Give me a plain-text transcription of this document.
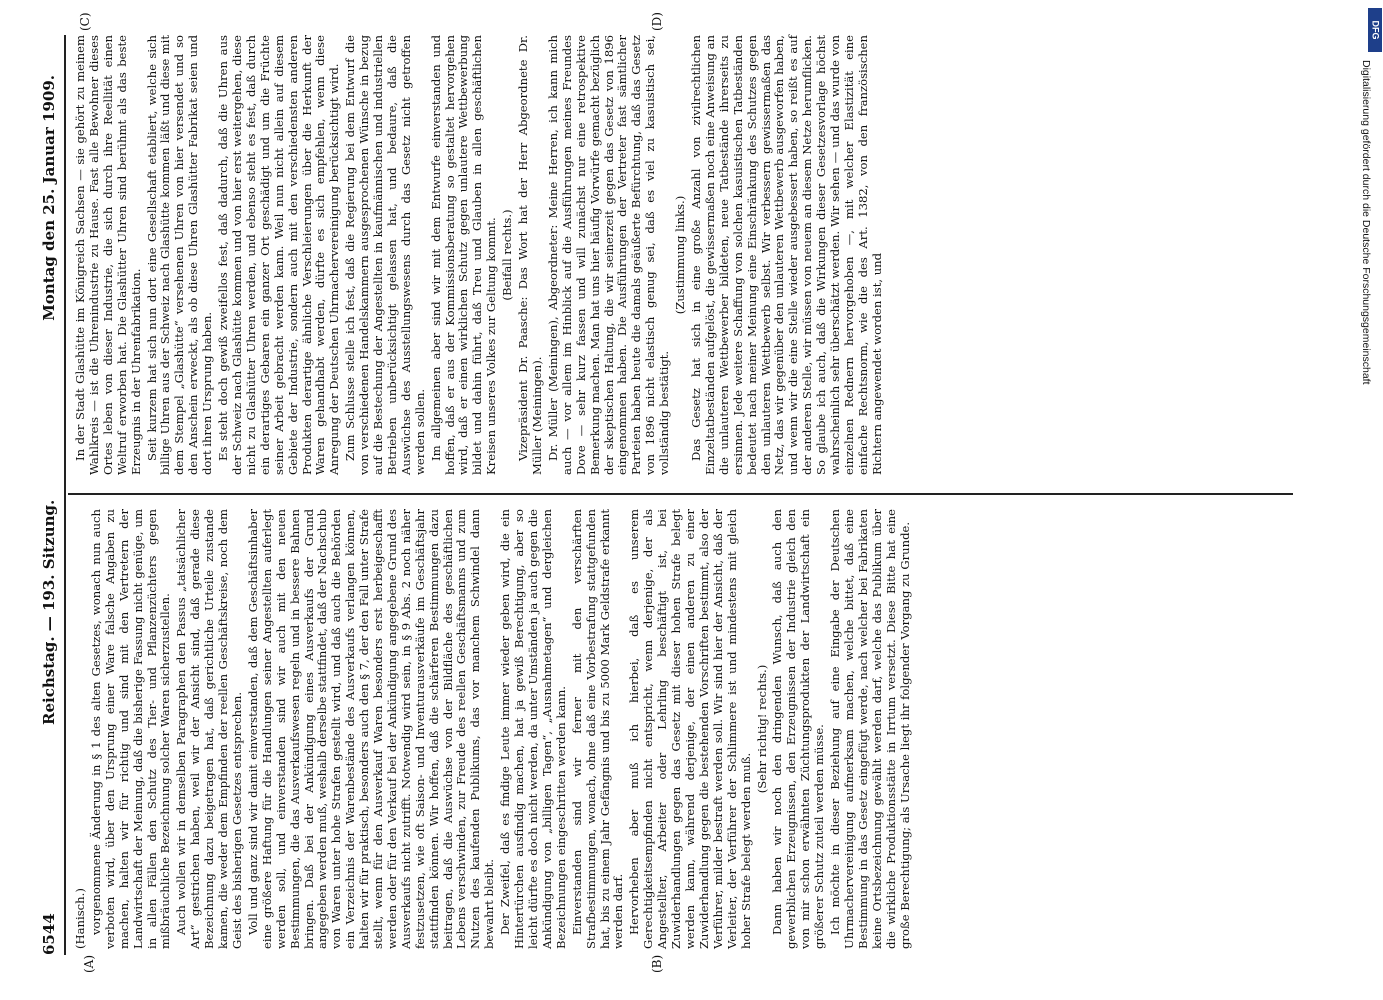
6544
Reichstag. — 193. Sitzung.
Montag den 25. Januar 1909.
(A)	(B)
(C)	(D)

(Hanisch.) vorgenommene Änderung in § 1 des alten Gesetzes, wonach nun auch verboten wird, über den Ursprung einer Ware falsche Angaben zu machen, halten wir für richtig und sind mit den Vertretern der Landwirtschaft der Meinung, daß die bisherige Fassung nicht genüge, um in allen Fällen den Schutz des Tier- und Pflanzenzüchters gegen mißbräuchliche Bezeichnung solcher Waren sicherzustellen. Auch wollen wir in demselben Paragraphen den Passus „tatsächlicher Art“ gestrichen haben, weil wir der Ansicht sind, daß gerade diese Bezeichnung dazu beigetragen hat, daß gerichtliche Urteile zustande kamen, die weder dem Empfinden der reellen Geschäftskreise, noch dem Geist des bisherigen Gesetzes entsprechen. Voll und ganz sind wir damit einverstanden, daß dem Geschäftsinhaber eine größere Haftung für die Handlungen seiner Angestellten auferlegt werden soll, und einverstanden sind wir auch mit den neuen Bestimmungen, die das Ausverkaufswesen regeln und in bessere Bahnen bringen. Daß bei der Ankündigung eines Ausverkaufs der Grund angegeben werden muß, weshalb derselbe stattfindet, daß der Nachschub von Waren unter hohe Strafen gestellt wird, und daß auch die Behörden ein Verzeichnis der Warenbestände des Ausverkaufs verlangen können, halten wir für praktisch, besonders auch den § 7, der den Fall unter Strafe stellt, wenn für den Ausverkauf Waren besonders erst herbeigeschafft werden oder für den Verkauf bei der Ankündigung angegebene Grund des Ausverkaufs nicht zutrifft. Notwendig wird sein, in § 9 Abs. 2 noch näher festzusetzen, wie oft Saison- und Inventurausverkäufe im Geschäftsjahr stattfinden können. Wir hoffen, daß die schärferen Bestimmungen dazu beitragen, daß die Auswüchse von der Bildfläche des geschäftlichen Lebens verschwinden, zur Freude des reellen Geschäftsmanns und zum Nutzen des kaufenden Publikums, das vor manchem Schwindel dann bewahrt bleibt. Der Zweifel, daß es findige Leute immer wieder geben wird, die ein Hintertürchen ausfindig machen, hat ja gewiß Berechtigung, aber so leicht dürfte es doch nicht werden, da unter Umständen ja auch gegen die Ankündigung von „billigen Tagen“, „Ausnahmetagen“ und dergleichen Bezeichnungen eingeschritten werden kann. Einverstanden sind wir ferner mit den verschärften Strafbestimmungen, wonach, ohne daß eine Vorbestrafung stattgefunden hat, bis zu einem Jahr Gefängnis und bis zu 5000 Mark Geldstrafe erkannt werden darf. Hervorheben aber muß ich hierbei, daß es unserem Gerechtigkeitsempfinden nicht entspricht, wenn derjenige, der als Angestellter, Arbeiter oder Lehrling beschäftigt ist, bei Zuwiderhandlungen gegen das Gesetz mit dieser hohen Strafe belegt werden kann, während derjenige, der einen anderen zu einer Zuwiderhandlung gegen die bestehenden Vorschriften bestimmt, also der Verführer, milder bestraft werden soll. Wir sind hier der Ansicht, daß der Verleiter, der Verführer der Schlimmere ist und mindestens mit gleich hoher Strafe belegt werden muß.

(Sehr richtig! rechts.) Dann haben wir noch den dringenden Wunsch, daß auch den gewerblichen Erzeugnissen, den Erzeugnissen der Industrie gleich den von mir schon erwähnten Züchtungsprodukten der Landwirtschaft ein größerer Schutz zuteil werden müsse. Ich möchte in dieser Beziehung auf eine Eingabe der Deutschen Uhrmachervereinigung aufmerksam machen, welche bittet, daß eine Bestimmung in das Gesetz eingefügt werde, nach welcher bei Fabrikaten keine Ortsbezeichnung gewählt werden darf, welche das Publikum über die wirkliche Produktionsstätte in Irrtum versetzt. Diese Bitte hat eine große Berechtigung; als Ursache liegt ihr folgender Vorgang zu Grunde.

In der Stadt Glashütte im Königreich Sachsen — sie gehört zu meinem Wahlkreis — ist die Uhrenindustrie zu Hause. Fast alle Bewohner dieses Ortes leben von dieser Industrie, die sich durch ihre Reellität einen Weltruf erworben hat. Die Glashütter Uhren sind berühmt als das beste Erzeugnis in der Uhrenfabrikation. Seit kurzem hat sich nun dort eine Gesellschaft etabliert, welche sich billige Uhren aus der Schweiz nach Glashütte kommen läßt und diese mit dem Stempel „Glashütte“ versehenen Uhren von hier versendet und so den Anschein erweckt, als ob diese Uhren Glashütter Fabrikat seien und dort ihren Ursprung haben. Es steht doch gewiß zweifellos fest, daß dadurch, daß die Uhren aus der Schweiz nach Glashütte kommen und von hier erst weitergehen, diese nicht zu Glashütter Uhren werden, und ebenso steht es fest, daß durch ein derartiges Gebaren ein ganzer Ort geschädigt und um die Früchte seiner Arbeit gebracht werden kann. Weil nun nicht allein auf diesem Gebiete der Industrie, sondern auch mit den verschiedensten anderen Produkten derartige ähnliche Verschleierungen über die Herkunft der Waren gehandhabt werden, dürfte es sich empfehlen, wenn diese Anregung der Deutschen Uhrmachervereinigung berücksichtigt wird. Zum Schlusse stelle ich fest, daß die Regierung bei dem Entwurf die von verschiedenen Handelskammern ausgesprochenen Wünsche in bezug auf die Bestechung der Angestellten in kaufmännischen und industriellen Betrieben unberücksichtigt gelassen hat, und bedaure, daß die Auswüchse des Ausstellungswesens durch das Gesetz nicht getroffen werden sollen. Im allgemeinen aber sind wir mit dem Entwurfe einverstanden und hoffen, daß er aus der Kommissionsberatung so gestaltet hervorgehen wird, daß er einen wirklichen Schutz gegen unlautere Wettbewerbung bildet und dahin führt, daß Treu und Glauben in allen geschäftlichen Kreisen unseres Volkes zur Geltung kommt. (Beifall rechts.) Vizepräsident Dr. Paasche: Das Wort hat der Herr Abgeordnete Dr. Müller (Meiningen). Dr. Müller (Meiningen), Abgeordneter: Meine Herren, ich kann mich auch — vor allem im Hinblick auf die Ausführungen meines Freundes Dove — sehr kurz fassen und will zunächst nur eine retrospektive Bemerkung machen. Man hat uns hier häufig Vorwürfe gemacht bezüglich der skeptischen Haltung, die wir seinerzeit gegen das Gesetz von 1896 eingenommen haben. Die Ausführungen der Vertreter fast sämtlicher Parteien haben heute die damals geäußerte Befürchtung, daß das Gesetz von 1896 nicht elastisch genug sei, daß es viel zu kasuistisch sei, vollständig bestätigt.

(Zustimmung links.) Das Gesetz hat sich in eine große Anzahl von zivilrechtlichen Einzeltatbeständen aufgelöst, die gewissermaßen noch eine Anweisung an die unlauteren Wettbewerber bildeten, neue Tatbestände ihrerseits zu ersinnen. Jede weitere Schaffung von solchen kasuistischen Tatbeständen bedeutet nach meiner Meinung eine Einschränkung des Schutzes gegen den unlauteren Wettbewerb selbst. Wir verbessern gewissermaßen das Netz, das wir gegenüber den unlauteren Wettbewerb ausgeworfen haben, und wenn wir die eine Stelle wieder ausgebessert haben, so reißt es auf der anderen Stelle, wir müssen von neuem an diesem Netze herumflicken. So glaube ich auch, daß die Wirkungen dieser Gesetzesvorlage höchst wahrscheinlich sehr überschätzt werden. Wir sehen — und das wurde von einzelnen Rednern hervorgehoben —, mit welcher Elastizität eine einfache Rechtsnorm, wie die des Art. 1382, von den französischen Richtern angewendet worden ist, und

DFG
Digitalisierung gefördert durch die Deutsche Forschungsgemeinschaft
